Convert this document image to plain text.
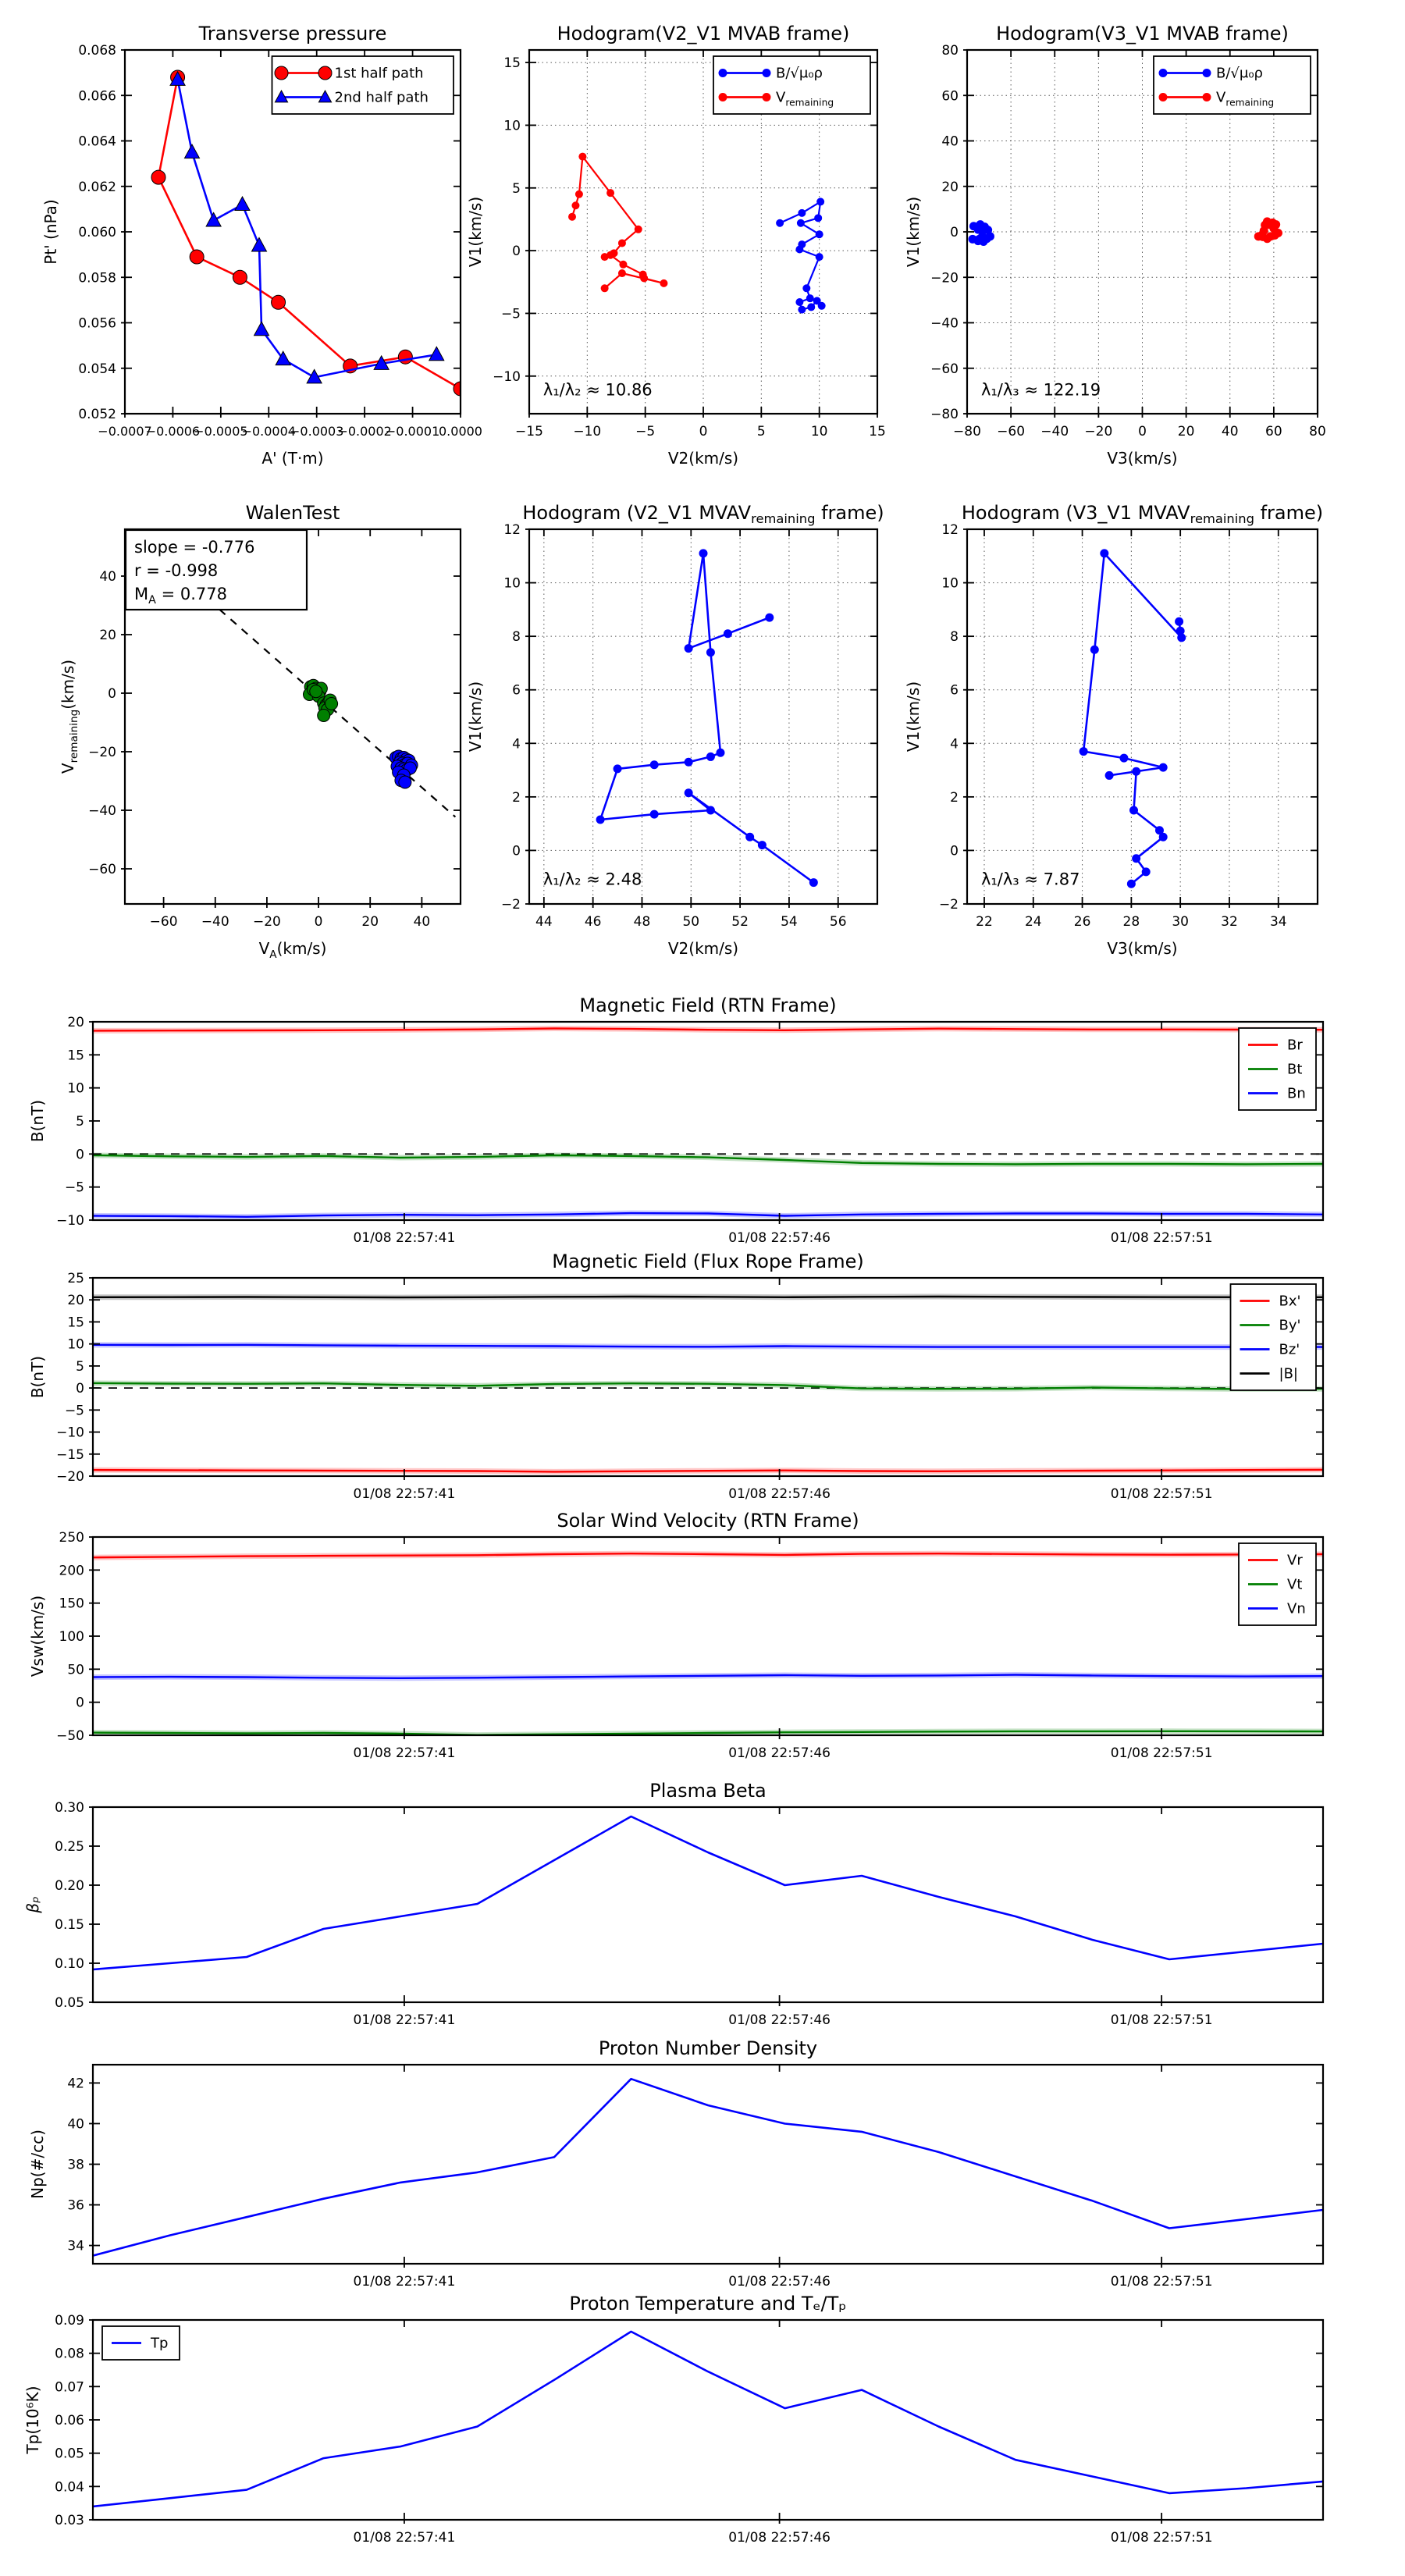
−0.0007
−0.0006
−0.0005
−0.0004
−0.0003
−0.0002
−0.0001
0.0000
0.052
0.054
0.056
0.058
0.060
0.062
0.064
0.066
0.068
Transverse pressure
A' (T·m)
Pt' (nPa)
1st half path
2nd half path
−15 −10	−5	0	5	10	15
−10
−5
0
5
10
15
Hodogram(V2_V1 MVAB frame)
V2(km/s)
V1(km/s)
λ₁/λ₂ ≈ 10.86
B/√μ₀ρ
$V_{remaining}$
−80 −60 −40 −20 0 20 40 60 80
−80
−60
−40
−20
0
20
40
60
80
Hodogram(V3_V1 MVAB frame)
V3(km/s)
V1(km/s)
λ₁/λ₃ ≈ 122.19
B/√μ₀ρ
$V_{remaining}$
−60 −40 −20	0	20	40
−60
−40
−20
0
20
40
WalenTest
$V_A(km/s)$
$V_{remaining}(km/s)$
slope = -0.776
r = -0.998
$M_A = 0.778$
44 46 48 50 52 54 56
−2
0
2
4
6
8
10
12
Hodogram (V2_V1 $MVAV_{remaining}$ frame)
V2(km/s)
V1(km/s)
λ₁/λ₂ ≈ 2.48
22 24 26 28 30 32 34
−2
0
2
4
6
8
10
12
Hodogram (V3_V1 $MVAV_{remaining}$ frame)
V3(km/s)
V1(km/s)
λ₁/λ₃ ≈ 7.87
01/08 22:57:41	01/08 22:57:46	01/08 22:57:51
−10
−5
0
5
10
15
20
Magnetic Field (RTN Frame)
B(nT)
Br
Bt
Bn
01/08 22:57:41	01/08 22:57:46	01/08 22:57:51
−20
−15
−10
−5
0
5
10
15
20
25
Magnetic Field (Flux Rope Frame)
B(nT)
Bx'
By'
Bz'
|B|
01/08 22:57:41	01/08 22:57:46	01/08 22:57:51
−50
0
50
100
150
200
250
Solar Wind Velocity (RTN Frame)
Vsw(km/s)
Vr
Vt
Vn
01/08 22:57:41	01/08 22:57:46	01/08 22:57:51
0.05
0.10
0.15
0.20
0.25
0.30
Plasma Beta
βₚ
01/08 22:57:41	01/08 22:57:46	01/08 22:57:51
34
36
38
40
42
Proton Number Density
Np(#/cc)
01/08 22:57:41	01/08 22:57:46	01/08 22:57:51
0.03
0.04
0.05
0.06
0.07
0.08
0.09
Proton Temperature and Tₑ/Tₚ
Tp(10⁶K)
Tp
